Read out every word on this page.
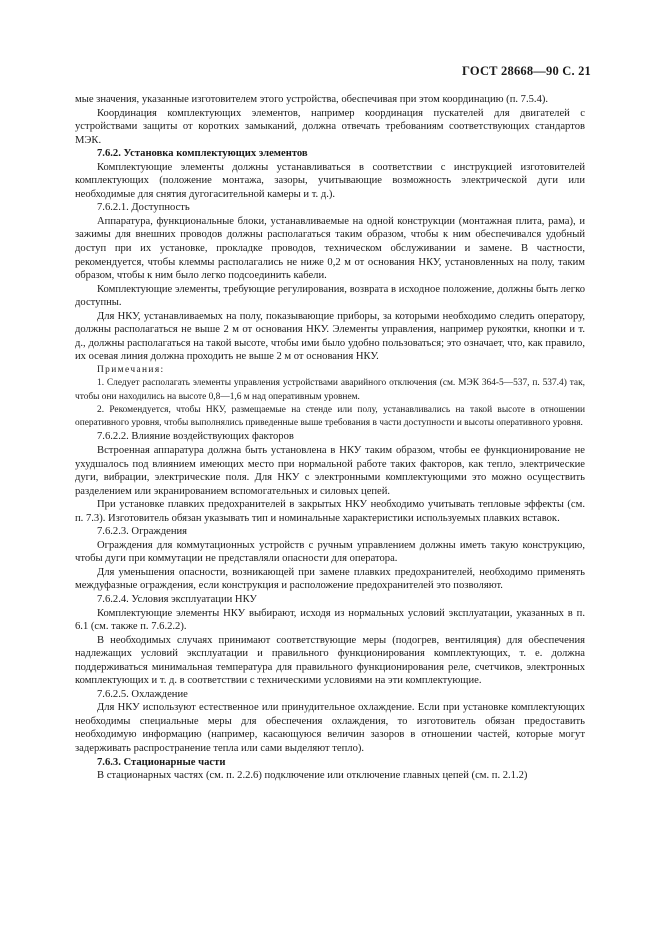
ГОСТ 28668—90 С. 21

мые значения, указанные изготовителем этого устройства, обеспечивая при этом координацию (п. 7.5.4).

Координация комплектующих элементов, например координация пускателей для двигателей с устройствами защиты от коротких замыканий, должна отвечать требованиям соответствующих стандартов МЭК.

7.6.2. Установка комплектующих элементов

Комплектующие элементы должны устанавливаться в соответствии с инструкцией изготовителей комплектующих (положение монтажа, зазоры, учитывающие возможность электрической дуги или необходимые для снятия дугогасительной камеры и т. д.).

7.6.2.1. Доступность

Аппаратура, функциональные блоки, устанавливаемые на одной конструкции (монтажная плита, рама), и зажимы для внешних проводов должны располагаться таким образом, чтобы к ним обеспечивался удобный доступ при их установке, прокладке проводов, техническом обслуживании и замене. В частности, рекомендуется, чтобы клеммы располагались не ниже 0,2 м от основания НКУ, установленных на полу, таким образом, чтобы к ним было легко подсоединить кабели.

Комплектующие элементы, требующие регулирования, возврата в исходное положение, должны быть легко доступны.

Для НКУ, устанавливаемых на полу, показывающие приборы, за которыми необходимо следить оператору, должны располагаться не выше 2 м от основания НКУ. Элементы управления, например рукоятки, кнопки и т. д., должны располагаться на такой высоте, чтобы ими было удобно пользоваться; это означает, что, как правило, их осевая линия должна проходить не выше 2 м от основания НКУ.

Примечания:

1. Следует располагать элементы управления устройствами аварийного отключения (см. МЭК 364-5—537, п. 537.4) так, чтобы они находились на высоте 0,8—1,6 м над оперативным уровнем.

2. Рекомендуется, чтобы НКУ, размещаемые на стенде или полу, устанавливались на такой высоте в отношении оперативного уровня, чтобы выполнялись приведенные выше требования в части доступности и высоты оперативного уровня.

7.6.2.2. Влияние воздействующих факторов

Встроенная аппаратура должна быть установлена в НКУ таким образом, чтобы ее функционирование не ухудшалось под влиянием имеющих место при нормальной работе таких факторов, как тепло, электрические дуги, вибрации, электрические поля. Для НКУ с электронными комплектующими это можно осуществить разделением или экранированием вспомогательных и силовых цепей.

При установке плавких предохранителей в закрытых НКУ необходимо учитывать тепловые эффекты (см. п. 7.3). Изготовитель обязан указывать тип и номинальные характеристики используемых плавких вставок.

7.6.2.3. Ограждения

Ограждения для коммутационных устройств с ручным управлением должны иметь такую конструкцию, чтобы дуги при коммутации не представляли опасности для оператора.

Для уменьшения опасности, возникающей при замене плавких предохранителей, необходимо применять междуфазные ограждения, если конструкция и расположение предохранителей это позволяют.

7.6.2.4. Условия эксплуатации НКУ

Комплектующие элементы НКУ выбирают, исходя из нормальных условий эксплуатации, указанных в п. 6.1 (см. также п. 7.6.2.2).

В необходимых случаях принимают соответствующие меры (подогрев, вентиляция) для обеспечения надлежащих условий эксплуатации и правильного функционирования комплектующих, т. е. должна поддерживаться минимальная температура для правильного функционирования реле, счетчиков, электронных комплектующих и т. д. в соответствии с техническими условиями на эти комплектующие.

7.6.2.5. Охлаждение

Для НКУ используют естественное или принудительное охлаждение. Если при установке комплектующих необходимы специальные меры для обеспечения охлаждения, то изготовитель обязан предоставить необходимую информацию (например, касающуюся величин зазоров в отношении частей, которые могут задерживать распространение тепла или сами выделяют тепло).

7.6.3. Стационарные части

В стационарных частях (см. п. 2.2.6) подключение или отключение главных цепей (см. п. 2.1.2)
